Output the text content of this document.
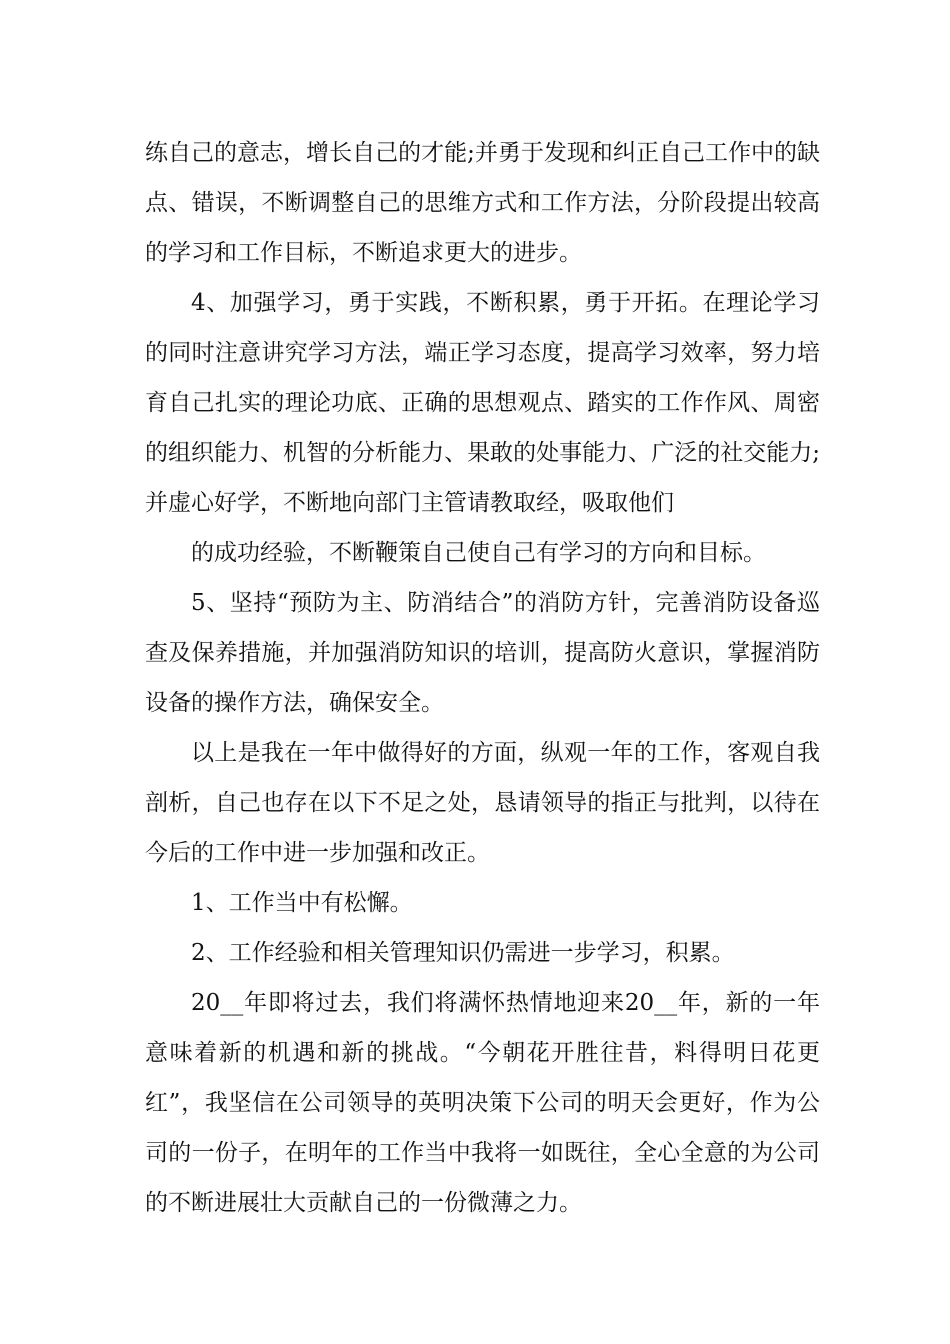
练自己的意志，增长自己的才能;并勇于发现和纠正自己工作中的缺点、错误，不断调整自己的思维方式和工作方法，分阶段提出较高的学习和工作目标，不断追求更大的进步。

4、加强学习，勇于实践，不断积累，勇于开拓。在理论学习的同时注意讲究学习方法，端正学习态度，提高学习效率，努力培育自己扎实的理论功底、正确的思想观点、踏实的工作作风、周密的组织能力、机智的分析能力、果敢的处事能力、广泛的社交能力;并虚心好学，不断地向部门主管请教取经，吸取他们

的成功经验，不断鞭策自己使自己有学习的方向和目标。

5、坚持“预防为主、防消结合”的消防方针，完善消防设备巡查及保养措施，并加强消防知识的培训，提高防火意识，掌握消防设备的操作方法，确保安全。

以上是我在一年中做得好的方面，纵观一年的工作，客观自我剖析，自己也存在以下不足之处，恳请领导的指正与批判，以待在今后的工作中进一步加强和改正。

1、工作当中有松懈。

2、工作经验和相关管理知识仍需进一步学习，积累。

20__年即将过去，我们将满怀热情地迎来20__年，新的一年意味着新的机遇和新的挑战。“今朝花开胜往昔，料得明日花更红”，我坚信在公司领导的英明决策下公司的明天会更好，作为公司的一份子，在明年的工作当中我将一如既往，全心全意的为公司的不断进展壮大贡献自己的一份微薄之力。
